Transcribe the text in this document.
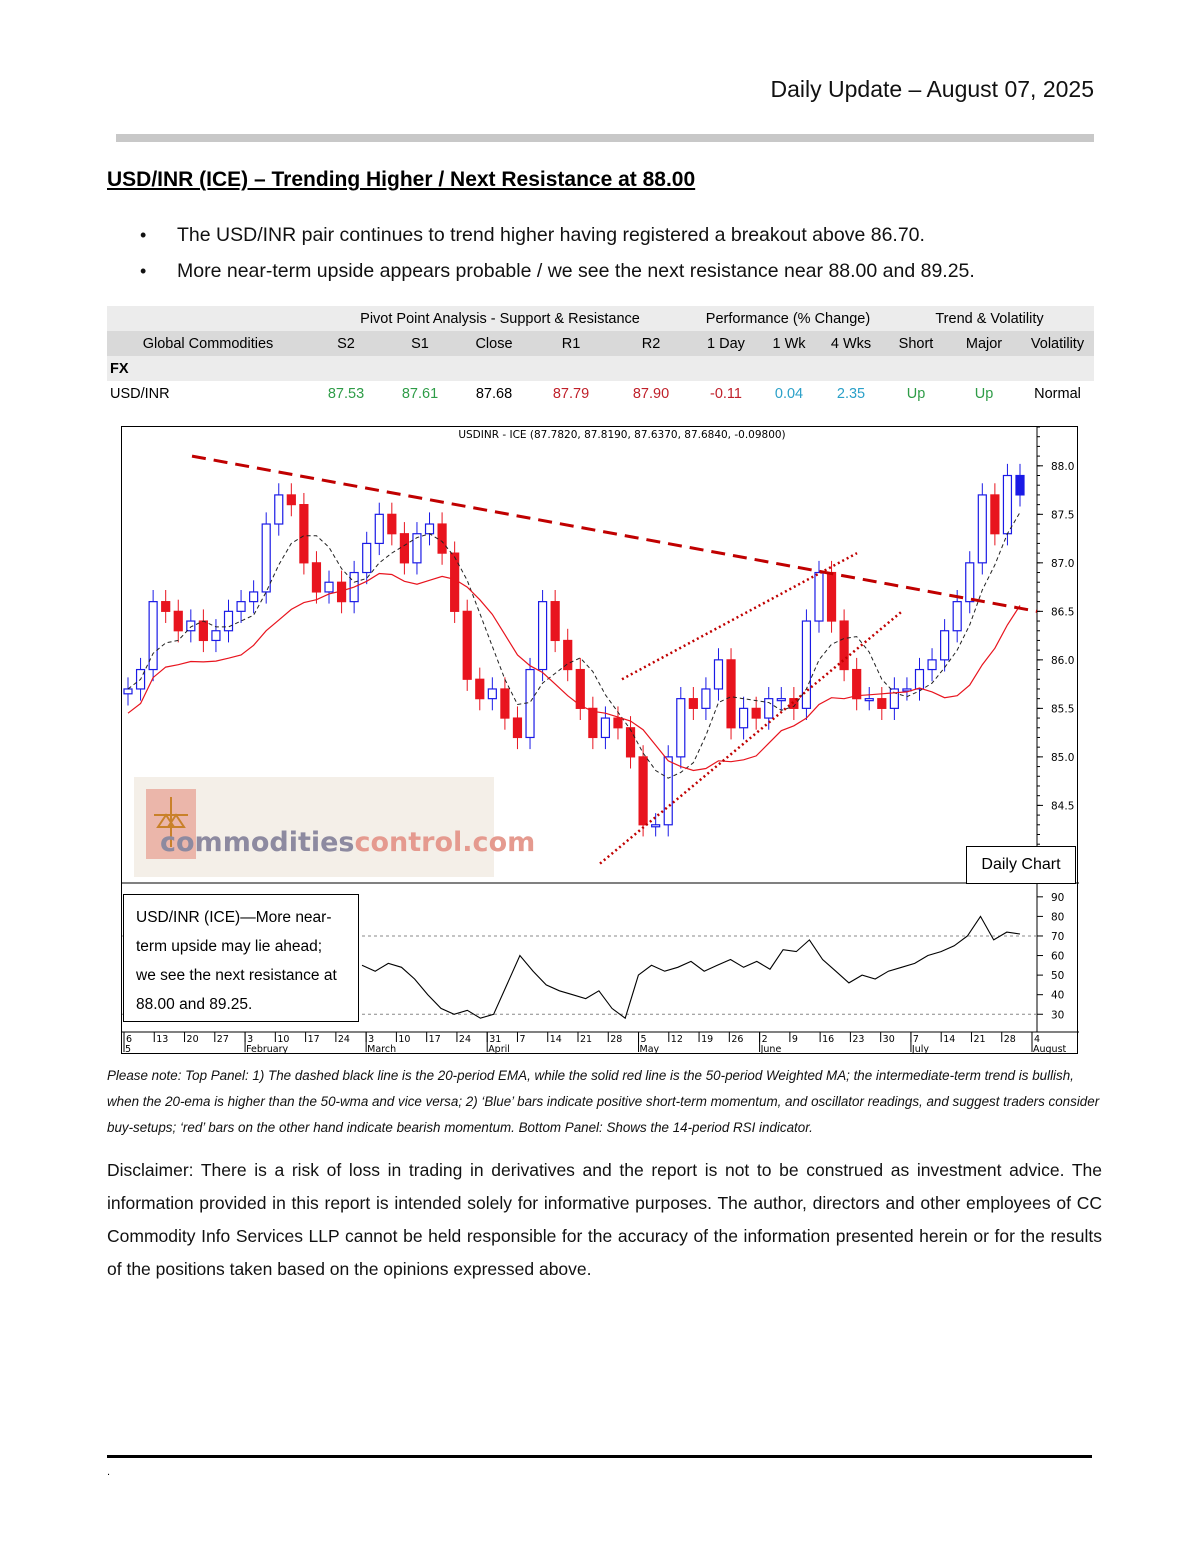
Daily Update – August 07, 2025
USD/INR (ICE) – Trending Higher / Next Resistance at 88.00
• The USD/INR pair continues to trend higher having registered a breakout above 86.70.
• More near-term upside appears probable / we see the next resistance near 88.00 and 89.25.
	Pivot Point Analysis - Support & Resistance					Performance (% Change)			Trend & Volatility		
Global Commodities	S2	S1	Close	R1	R2	1 Day	1 Wk	4 Wks	Short	Major	Volatility
FX											
USD/INR	87.53	87.61	87.68	87.79	87.90	-0.11	0.04	2.35	Up	Up	Normal
USDINR - ICE (87.7820, 87.8190, 87.6370, 87.6840, -0.09800)
commoditiescontrol.com
88.0
87.5
87.0
86.5
86.0
85.5
85.0
84.5
90
80
70
60
50
40
30
6	13 20 27 3	10 17 24 3	10 17 24 31 7	14 21 28 5	12 19 26 2	9	16 23 30 7	14 21 28 4
5	February	March	April	May	June	July	August
Daily Chart
USD/INR (ICE)—More near-term upside may lie ahead; we see the next resistance at 88.00 and 89.25.
Please note: Top Panel: 1) The dashed black line is the 20-period EMA, while the solid red line is the 50-period Weighted MA; the intermediate-term trend is bullish, when the 20-ema is higher than the 50-wma and vice versa; 2) ‘Blue’ bars indicate positive short-term momentum, and oscillator readings, and suggest traders consider buy-setups; ‘red’ bars on the other hand indicate bearish momentum. Bottom Panel: Shows the 14-period RSI indicator.
Disclaimer: There is a risk of loss in trading in derivatives and the report is not to be construed as investment advice. The information provided in this report is intended solely for informative purposes. The author, directors and other employees of CC Commodity Info Services LLP cannot be held responsible for the accuracy of the information presented herein or for the results of the positions taken based on the opinions expressed above.
.
